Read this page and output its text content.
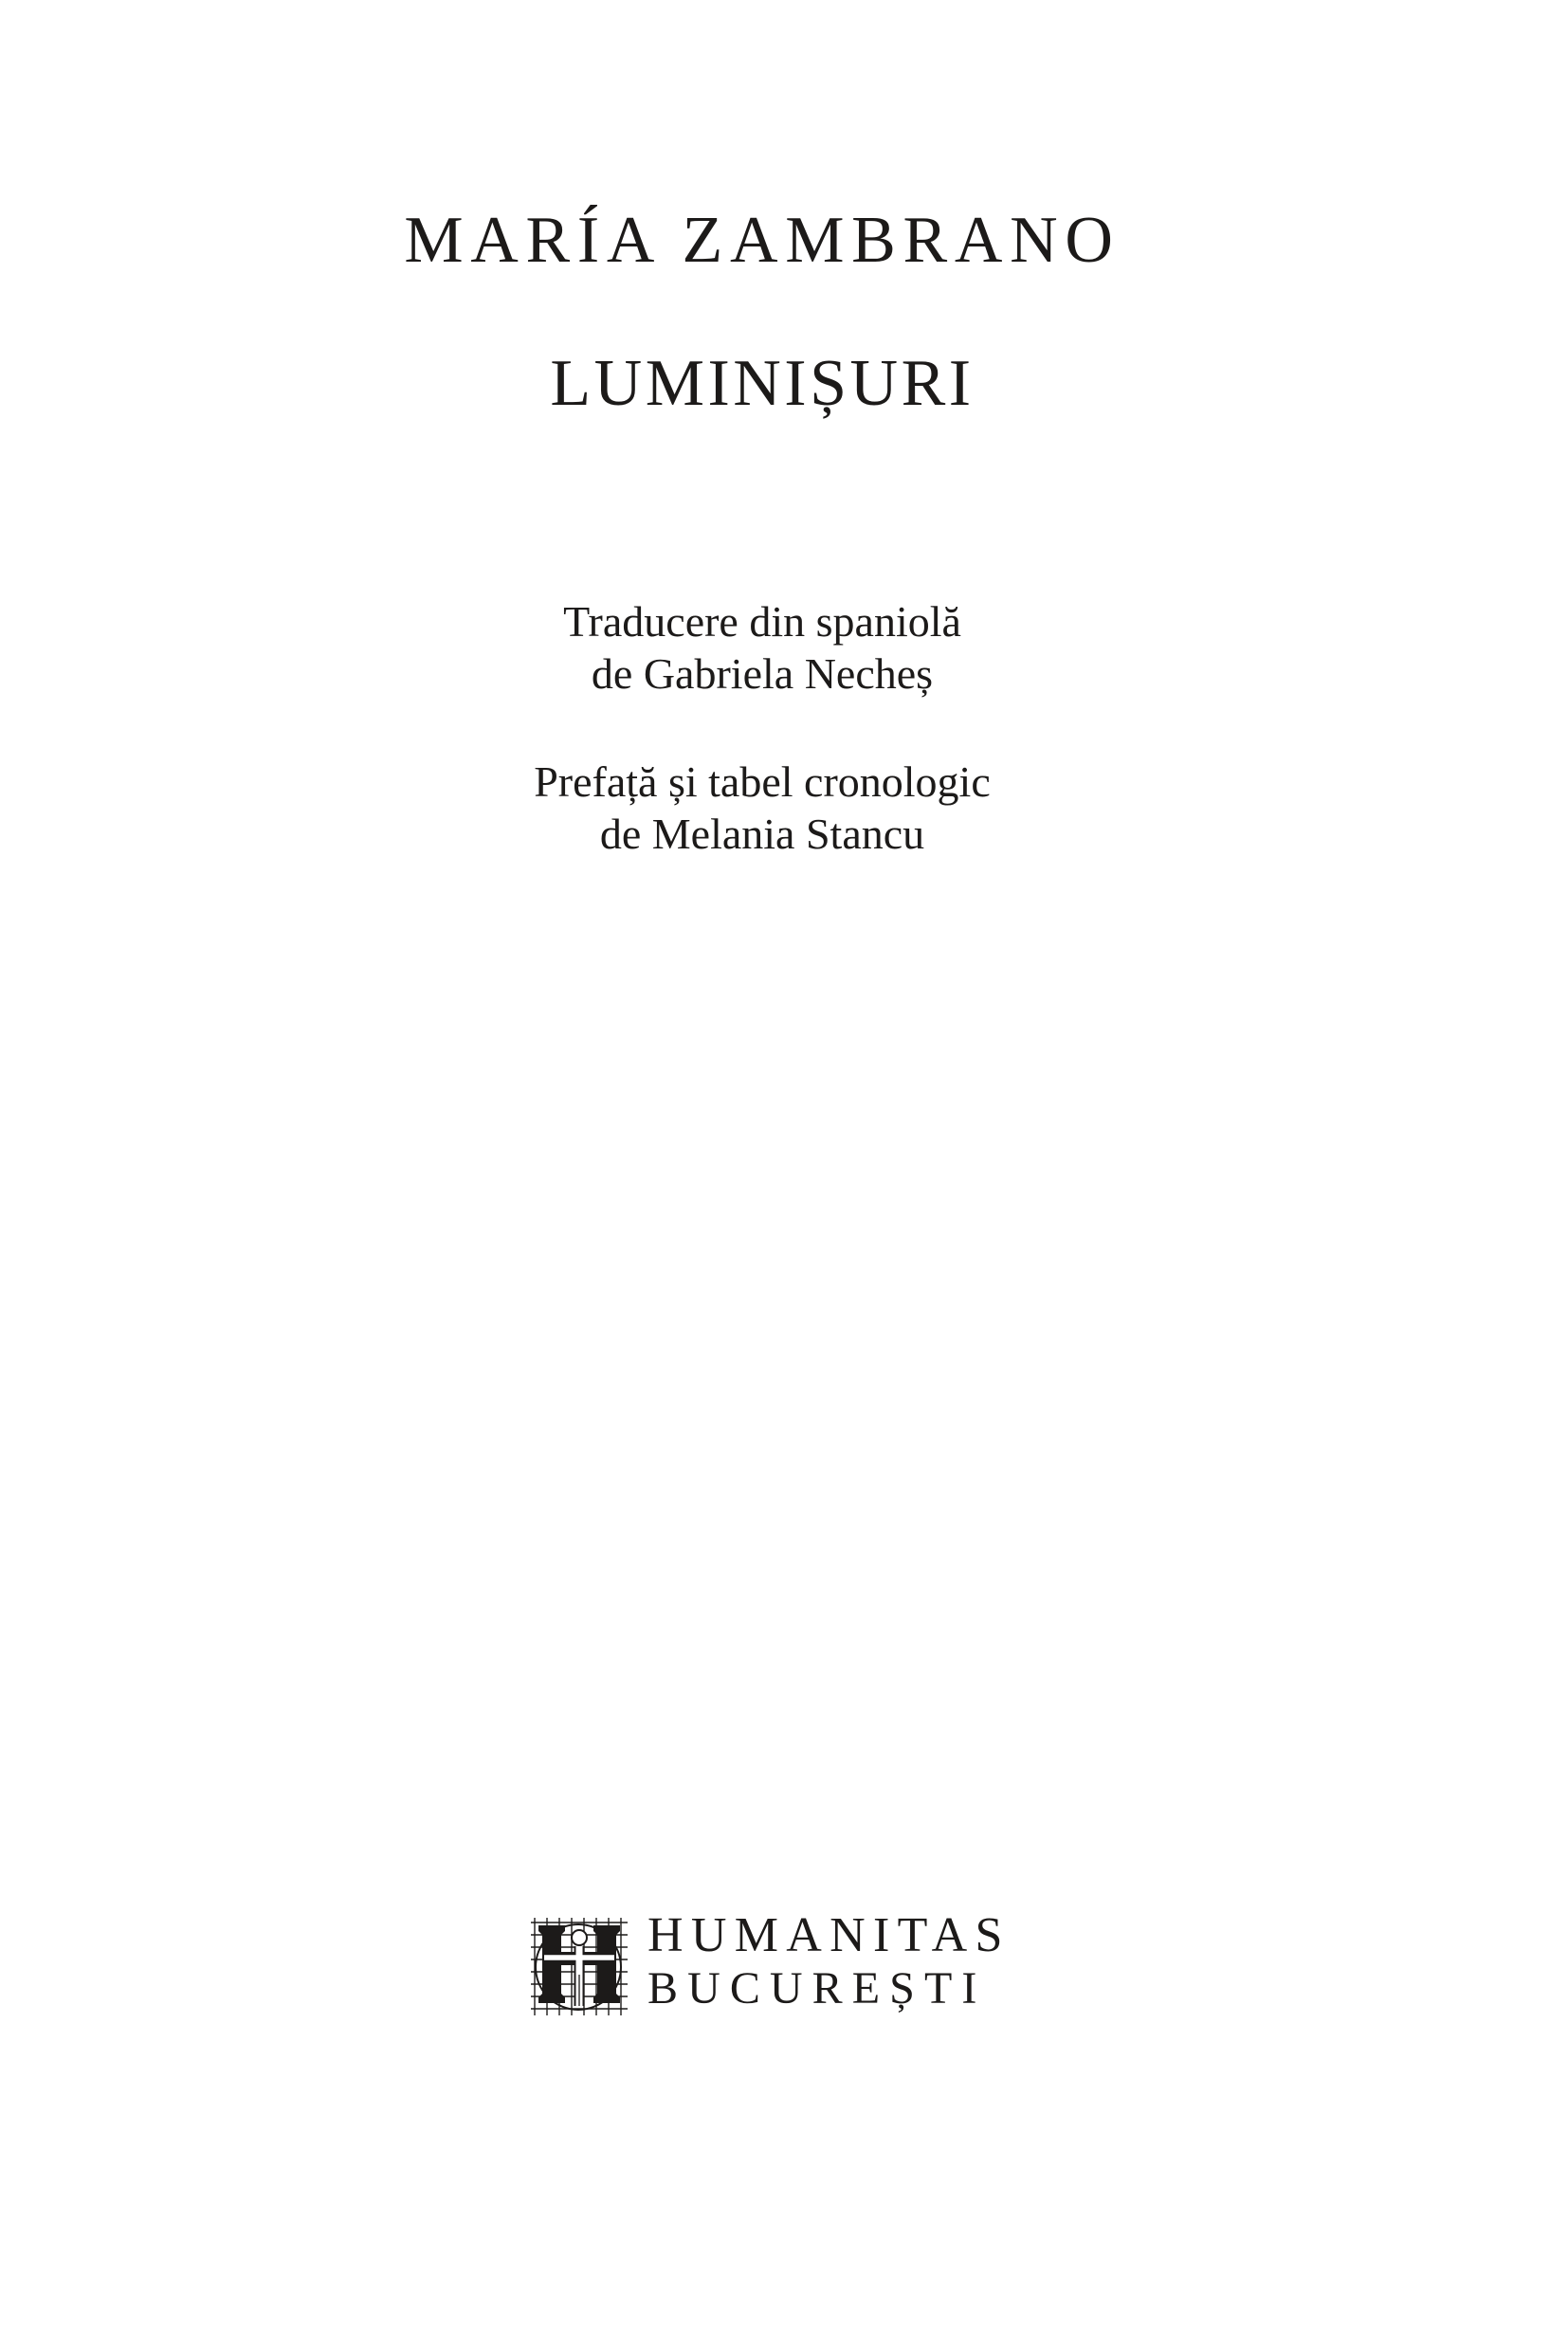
MARÍA ZAMBRANO
LUMINIȘURI
Traducere din spaniolă
de Gabriela Necheș
Prefață și tabel cronologic
de Melania Stancu
HUMANITAS
BUCUREȘTI
